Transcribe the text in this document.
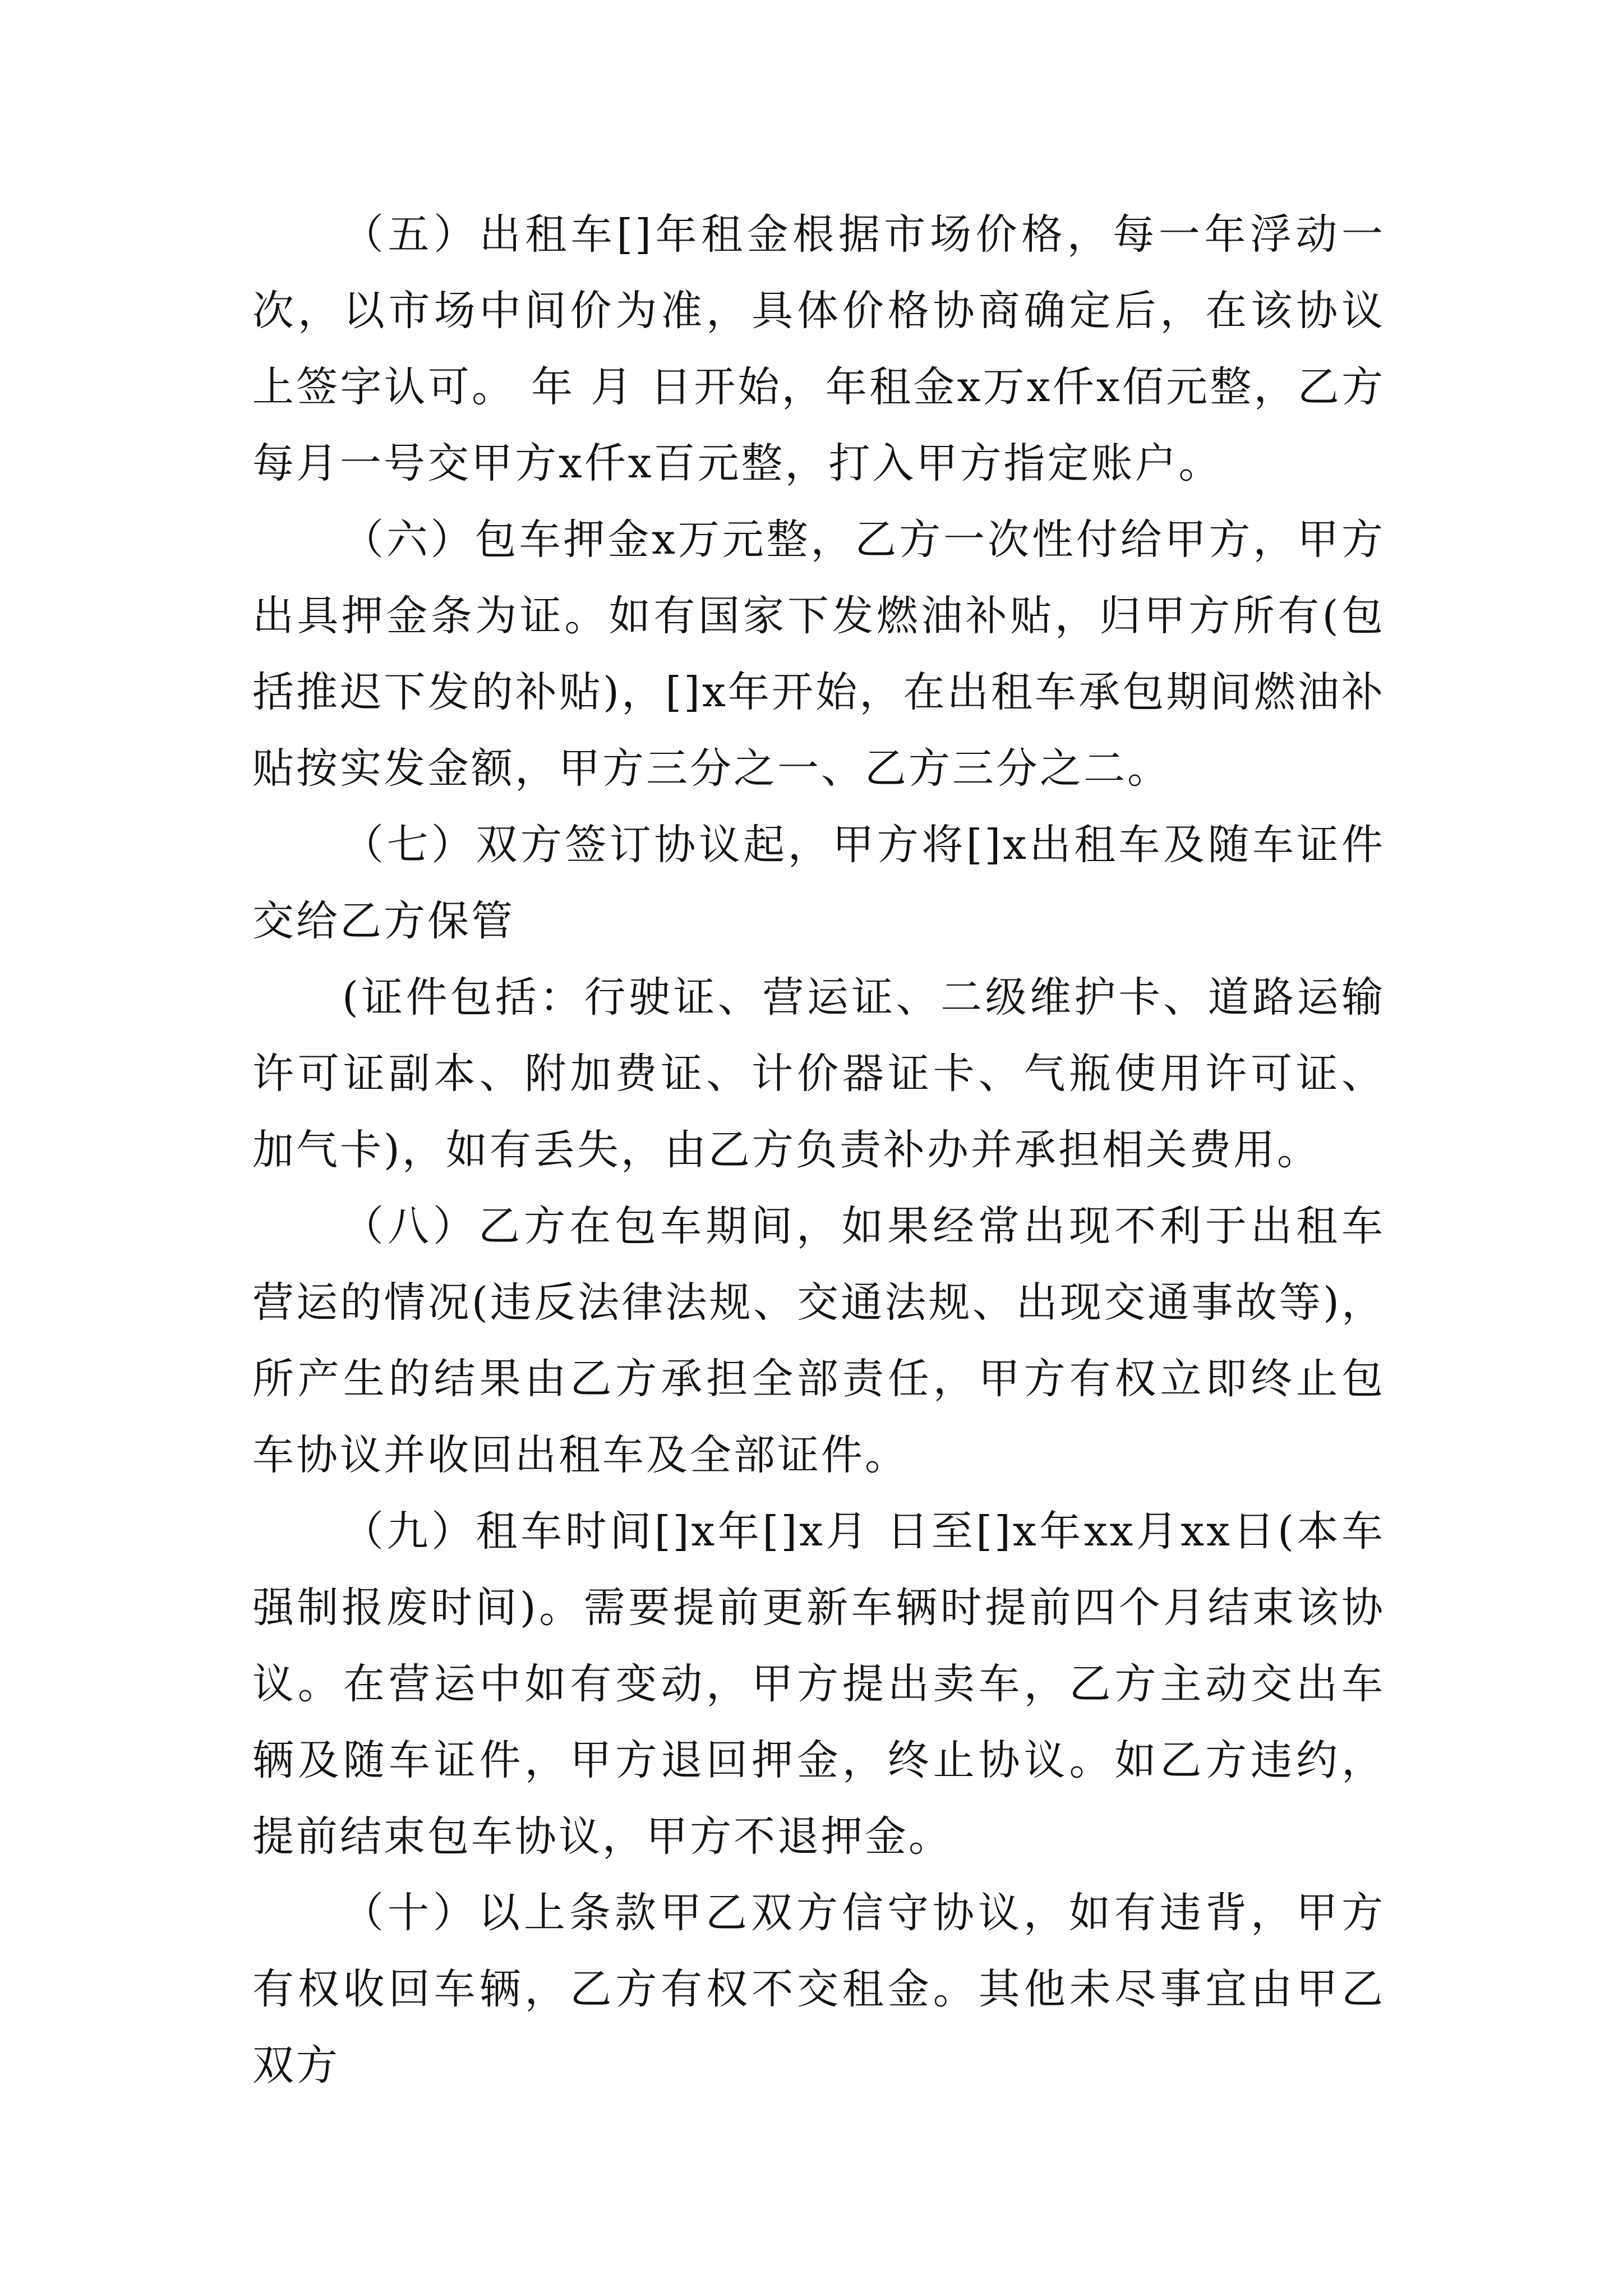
（五）出租车[]年租金根据市场价格，每一年浮动一次，以市场中间价为准，具体价格协商确定后，在该协议上签字认可。 年 月 日开始，年租金x万x仟x佰元整，乙方每月一号交甲方x仟x百元整，打入甲方指定账户。

（六）包车押金x万元整，乙方一次性付给甲方，甲方出具押金条为证。如有国家下发燃油补贴，归甲方所有(包括推迟下发的补贴)，[]x年开始，在出租车承包期间燃油补贴按实发金额，甲方三分之一、乙方三分之二。

（七）双方签订协议起，甲方将[]x出租车及随车证件交给乙方保管

(证件包括：行驶证、营运证、二级维护卡、道路运输许可证副本、附加费证、计价器证卡、气瓶使用许可证、加气卡)，如有丢失，由乙方负责补办并承担相关费用。

（八）乙方在包车期间，如果经常出现不利于出租车营运的情况(违反法律法规、交通法规、出现交通事故等)，所产生的结果由乙方承担全部责任，甲方有权立即终止包车协议并收回出租车及全部证件。

（九）租车时间[]x年[]x月 日至[]x年xx月xx日(本车强制报废时间)。需要提前更新车辆时提前四个月结束该协议。在营运中如有变动，甲方提出卖车，乙方主动交出车辆及随车证件，甲方退回押金，终止协议。如乙方违约，提前结束包车协议，甲方不退押金。

（十）以上条款甲乙双方信守协议，如有违背，甲方有权收回车辆，乙方有权不交租金。其他未尽事宜由甲乙双方
